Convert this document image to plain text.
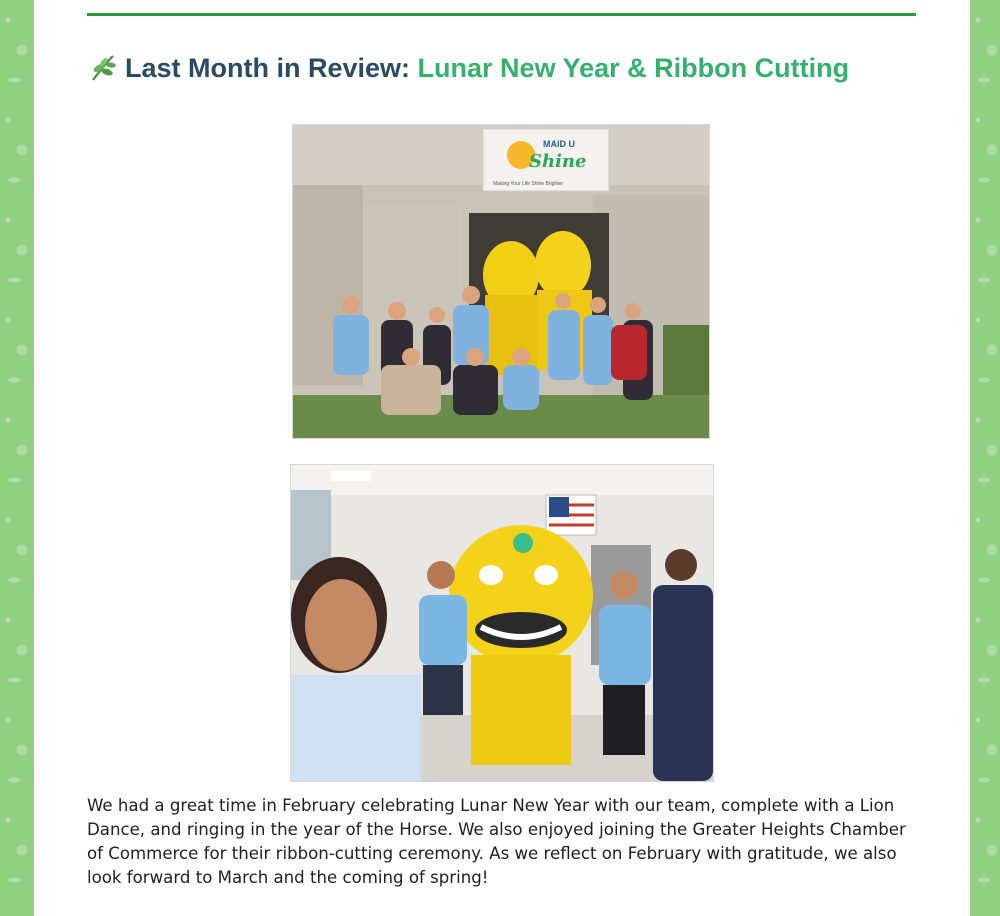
Last Month in Review: Lunar New Year & Ribbon Cutting
MAID U
Shine
Making Your Life Shine Brighter

We had a great time in February celebrating Lunar New Year with our team, complete with a Lion Dance, and ringing in the year of the Horse. We also enjoyed joining the Greater Heights Chamber of Commerce for their ribbon-cutting ceremony. As we reflect on February with gratitude, we also look forward to March and the coming of spring!
